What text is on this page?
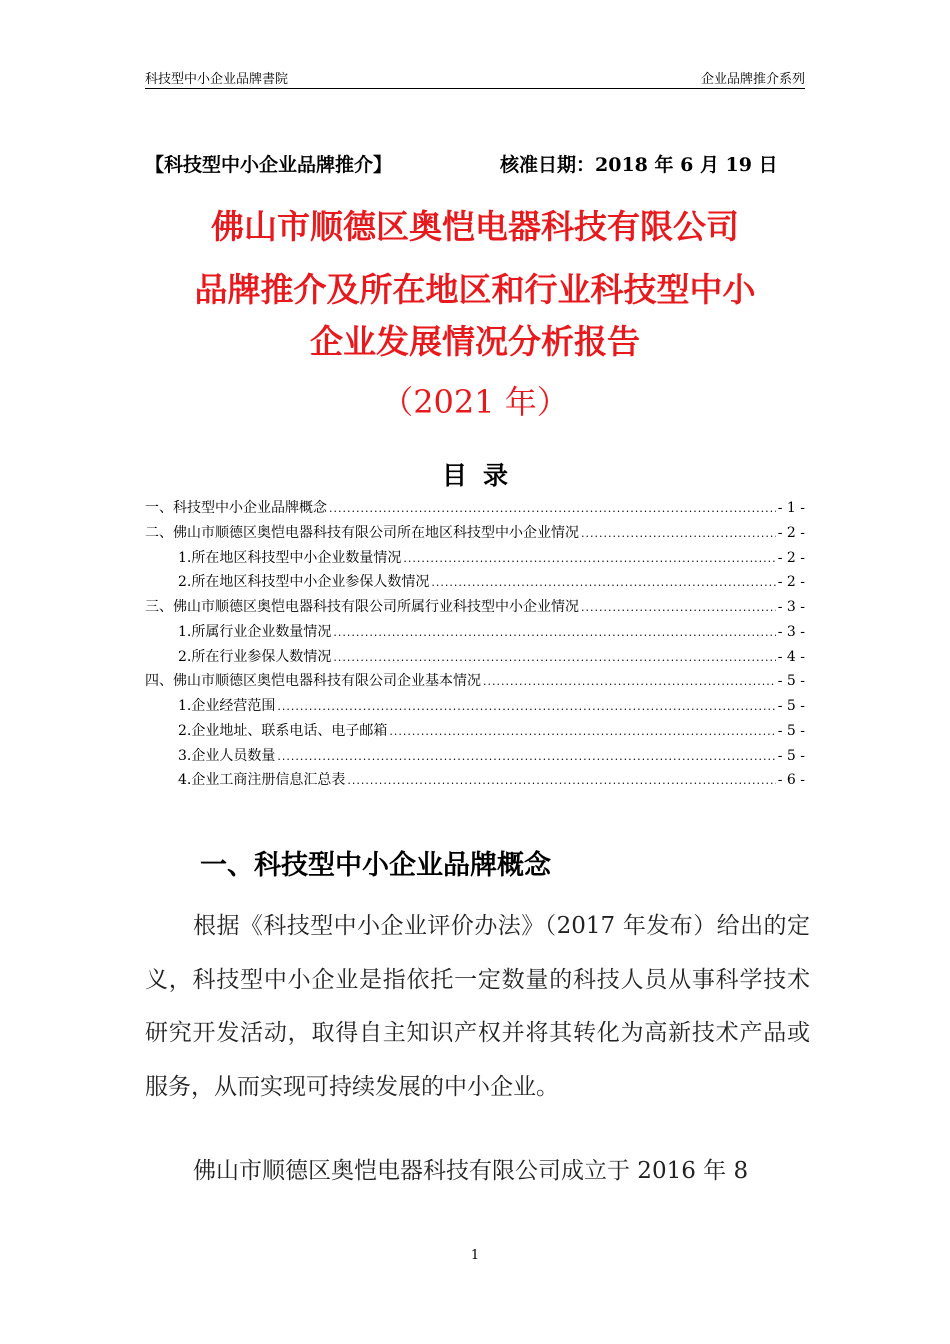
科技型中小企业品牌書院	企业品牌推介系列
【科技型中小企业品牌推介】	核准日期：2018 年 6 月 19 日
佛山市顺德区奥恺电器科技有限公司
品牌推介及所在地区和行业科技型中小
企业发展情况分析报告
（2021 年）
目录
一、科技型中小企业品牌概念 .....	- 1 -
二、佛山市顺德区奥恺电器科技有限公司所在地区科技型中小企业情况 .....	- 2 -
1.所在地区科技型中小企业数量情况 .....	- 2 -
2.所在地区科技型中小企业参保人数情况 .....	- 2 -
三、佛山市顺德区奥恺电器科技有限公司所属行业科技型中小企业情况 .....	- 3 -
1.所属行业企业数量情况 .....	- 3 -
2.所在行业参保人数情况 .....	- 4 -
四、佛山市顺德区奥恺电器科技有限公司企业基本情况 .....	- 5 -
1.企业经营范围 .....	- 5 -
2.企业地址、联系电话、电子邮箱 .....	- 5 -
3.企业人员数量 .....	- 5 -
4.企业工商注册信息汇总表 .....	- 6 -
一、科技型中小企业品牌概念

根据《科技型中小企业评价办法》（2017 年发布）给出的定义，科技型中小企业是指依托一定数量的科技人员从事科学技术研究开发活动，取得自主知识产权并将其转化为高新技术产品或服务，从而实现可持续发展的中小企业。

佛山市顺德区奥恺电器科技有限公司成立于 2016 年 8

1
